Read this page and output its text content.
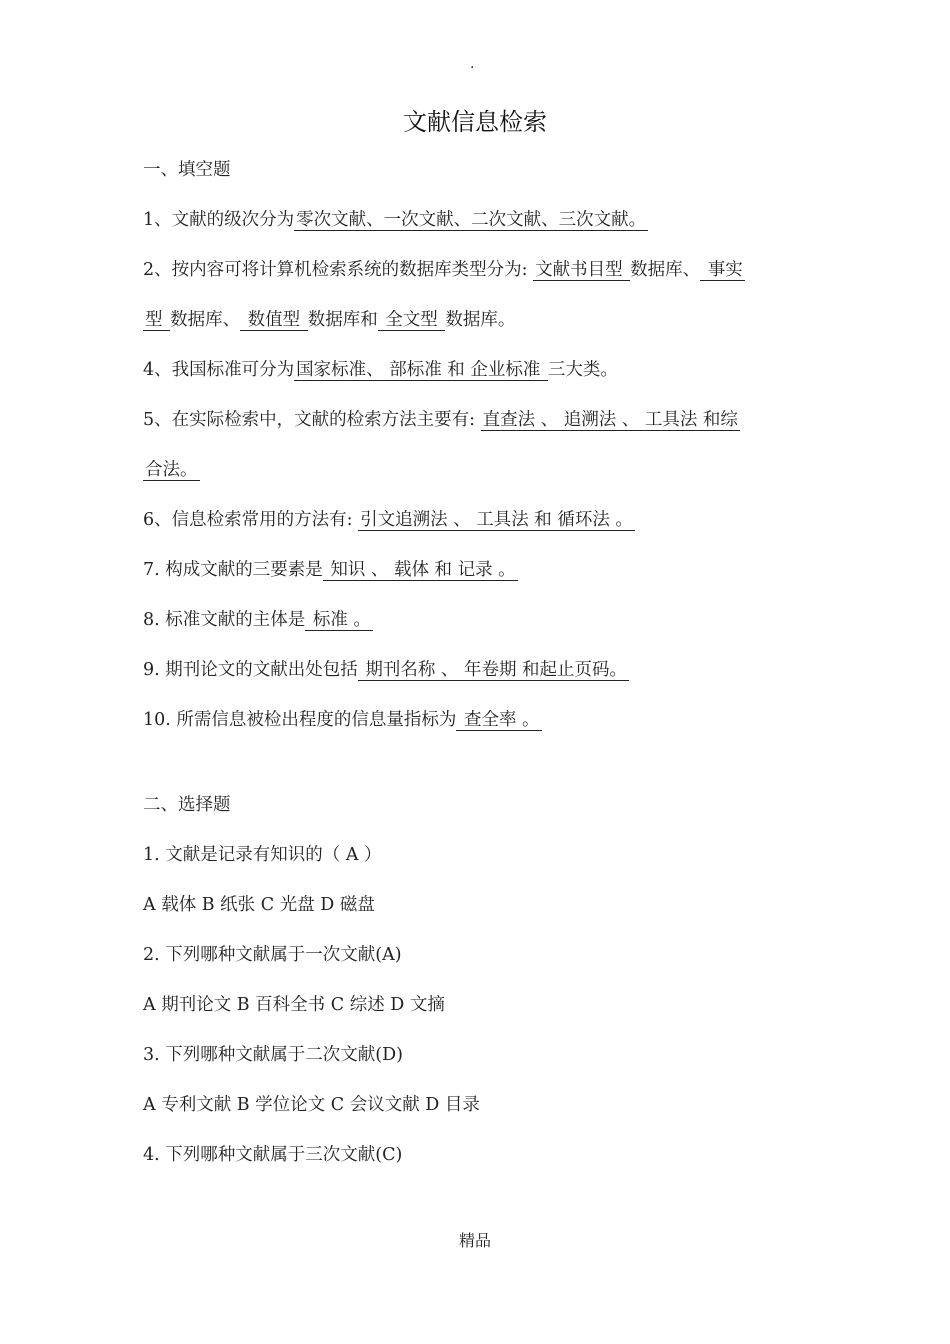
.
文献信息检索
一、填空题
1、文献的级次分为 零次文献、一次文献、二次文献、三次文献。
2、按内容可将计算机检索系统的数据库类型分为: 文献书目型 数据库、 事实
型 数据库、 数值型 数据库和 全文型 数据库。
4、我国标准可分为 国家标准、 部标准 和 企业标准 三大类。
5、在实际检索中，文献的检索方法主要有: 直查法 、 追溯法 、 工具法 和综
合法。
6、信息检索常用的方法有: 引文追溯法 、 工具法 和 循环法 。
7. 构成文献的三要素是 知识 、 载体 和 记录 。
8. 标准文献的主体是 标准 。
9. 期刊论文的文献出处包括 期刊名称 、 年卷期 和起止页码。
10. 所需信息被检出程度的信息量指标为 查全率 。
二、选择题
1. 文献是记录有知识的（ A ）
A 载体 B 纸张 C 光盘 D 磁盘
2. 下列哪种文献属于一次文献(A)
A 期刊论文 B 百科全书 C 综述 D 文摘
3. 下列哪种文献属于二次文献(D)
A 专利文献 B 学位论文 C 会议文献 D 目录
4. 下列哪种文献属于三次文献(C)
精品
